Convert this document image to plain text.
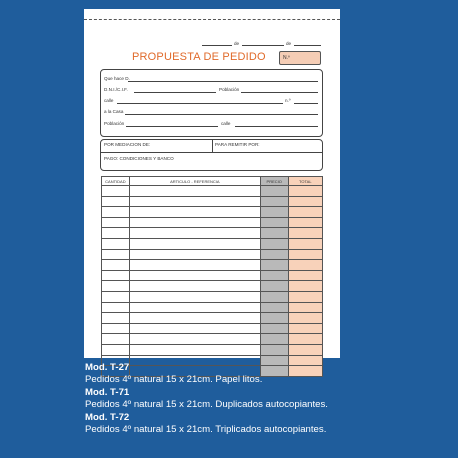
de	de
PROPUESTA DE PEDIDO	N.º
Que hace D.
D.N.I./C.I.F.	Población
calle	n.º
a la Casa
Población	calle
POR MEDIACION DE:	PARA REMITIR POR:
PAGO: CONDICIONES Y BANCO
CANTIDAD	ARTICULO - REFERENCIA	PRECIO	TOTAL

Mod. T-27
Pedidos 4º natural 15 x 21cm. Papel litos.
Mod. T-71
Pedidos 4º natural 15 x 21cm. Duplicados autocopiantes.
Mod. T-72
Pedidos 4º natural 15 x 21cm. Triplicados autocopiantes.
